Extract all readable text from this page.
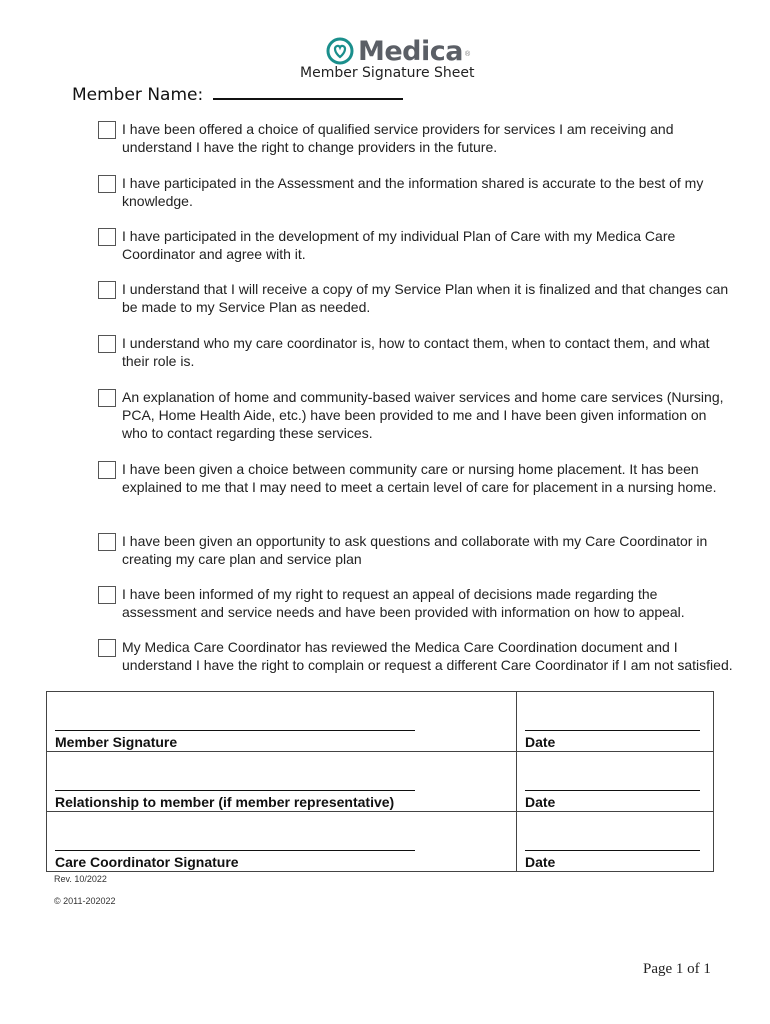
Medica ®
Member Signature Sheet
Member Name:
I have been offered a choice of qualified service providers for services I am receiving and understand I have the right to change providers in the future.
I have participated in the Assessment and the information shared is accurate to the best of my knowledge.
I have participated in the development of my individual Plan of Care with my Medica Care Coordinator and agree with it.
I understand that I will receive a copy of my Service Plan when it is finalized and that changes can be made to my Service Plan as needed.
I understand who my care coordinator is, how to contact them, when to contact them, and what their role is.
An explanation of home and community-based waiver services and home care services (Nursing, PCA, Home Health Aide, etc.) have been provided to me and I have been given information on who to contact regarding these services.
I have been given a choice between community care or nursing home placement. It has been explained to me that I may need to meet a certain level of care for placement in a nursing home.
I have been given an opportunity to ask questions and collaborate with my Care Coordinator in creating my care plan and service plan
I have been informed of my right to request an appeal of decisions made regarding the assessment and service needs and have been provided with information on how to appeal.
My Medica Care Coordinator has reviewed the Medica Care Coordination document and I understand I have the right to complain or request a different Care Coordinator if I am not satisfied.
Member Signature	Date

Relationship to member (if member representative)	Date

Care Coordinator Signature	Date
Rev. 10/2022
© 2011-202022
Page 1 of 1
